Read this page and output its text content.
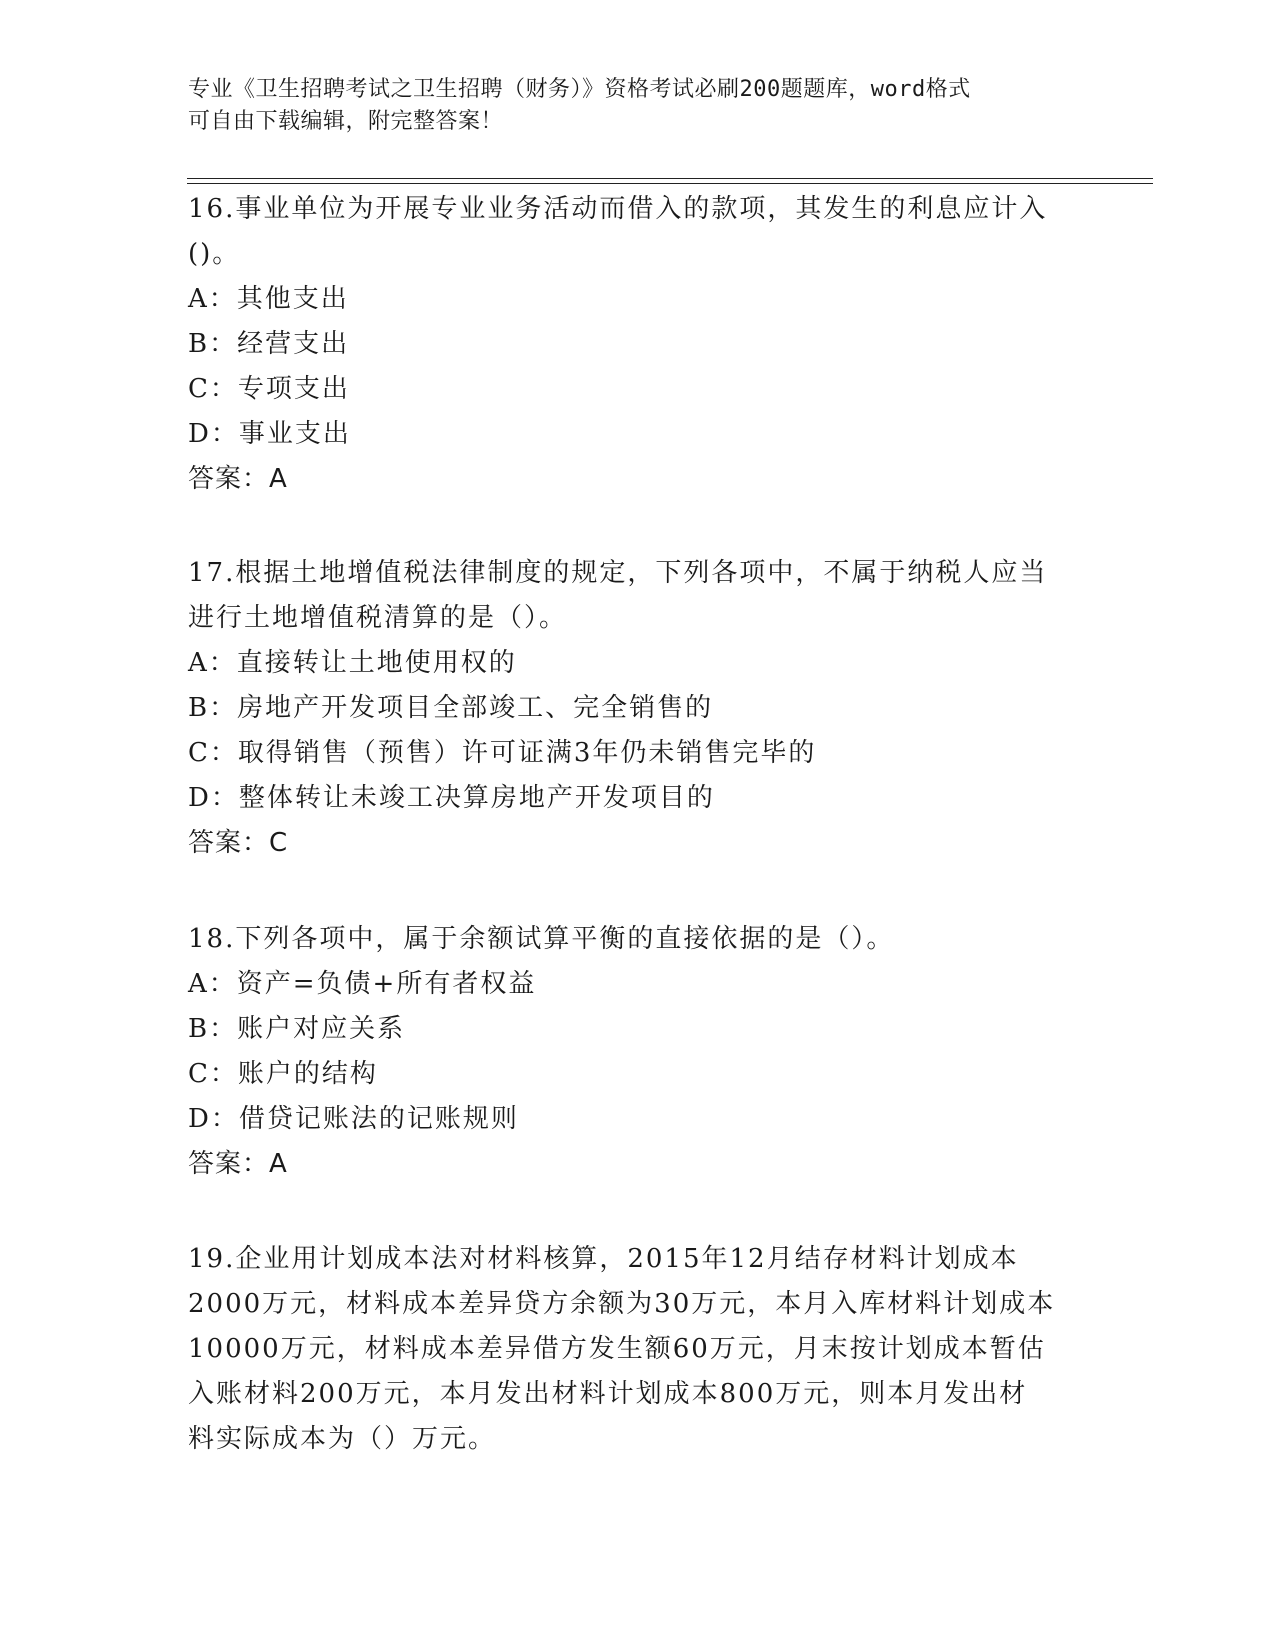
专业《卫生招聘考试之卫生招聘（财务）》资格考试必刷200题题库，word格式
可自由下载编辑，附完整答案！
16.事业单位为开展专业业务活动而借入的款项，其发生的利息应计入
()。
A：其他支出
B：经营支出
C：专项支出
D：事业支出
答案：A
17.根据土地增值税法律制度的规定，下列各项中，不属于纳税人应当
进行土地增值税清算的是（）。
A：直接转让土地使用权的
B：房地产开发项目全部竣工、完全销售的
C：取得销售（预售）许可证满3年仍未销售完毕的
D：整体转让未竣工决算房地产开发项目的
答案：C
18.下列各项中，属于余额试算平衡的直接依据的是（）。
A：资产=负债+所有者权益
B：账户对应关系
C：账户的结构
D：借贷记账法的记账规则
答案：A
19.企业用计划成本法对材料核算，2015年12月结存材料计划成本
2000万元，材料成本差异贷方余额为30万元，本月入库材料计划成本
10000万元，材料成本差异借方发生额60万元，月末按计划成本暂估
入账材料200万元，本月发出材料计划成本800万元，则本月发出材
料实际成本为（）万元。
